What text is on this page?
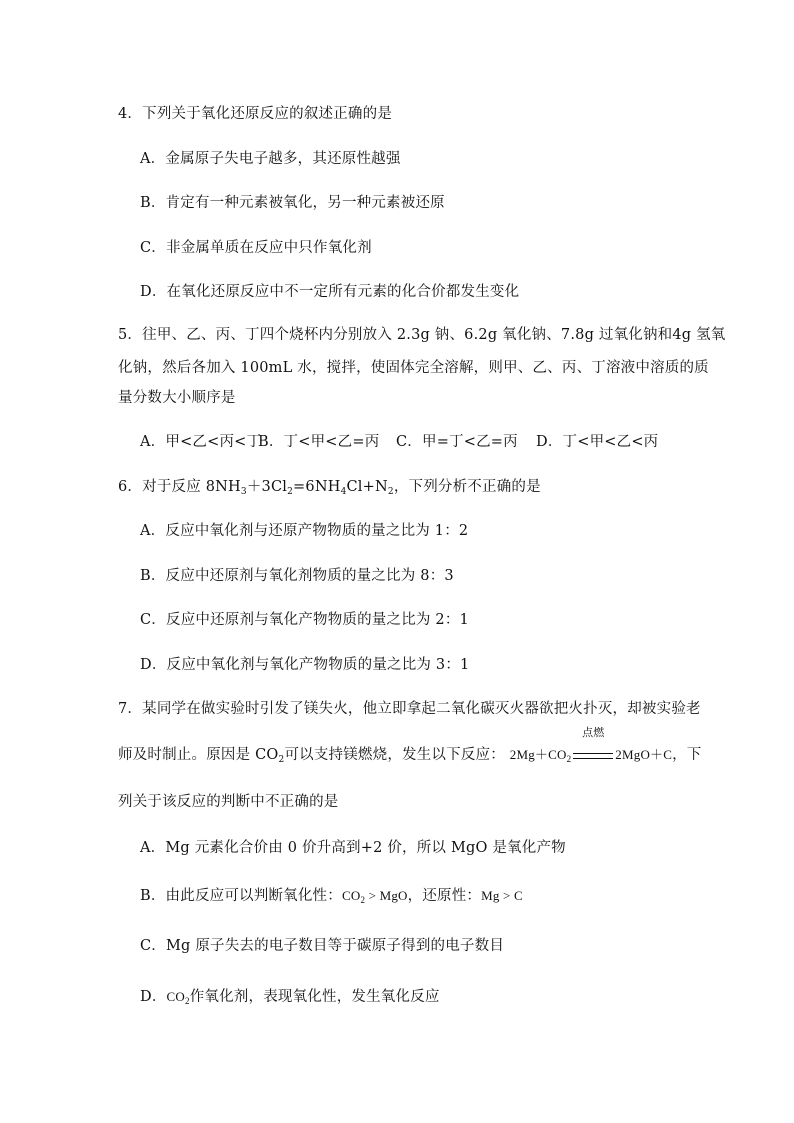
4．下列关于氧化还原反应的叙述正确的是
A．金属原子失电子越多，其还原性越强
B．肯定有一种元素被氧化，另一种元素被还原
C．非金属单质在反应中只作氧化剂
D．在氧化还原反应中不一定所有元素的化合价都发生变化
5．往甲、乙、丙、丁四个烧杯内分别放入 2.3g 钠、6.2g 氧化钠、7.8g 过氧化钠和4g 氢氧
化钠，然后各加入 100mL 水，搅拌，使固体完全溶解，则甲、乙、丙、丁溶液中溶质的质
量分数大小顺序是
A．甲<乙<丙<丁B．丁<甲<乙=丙 C．甲=丁<乙=丙 D．丁<甲<乙<丙
6．对于反应 $8NH_3+3Cl_2=6NH_4Cl+N_2$，下列分析不正确的是
A．反应中氧化剂与还原产物物质的量之比为 1：2
B．反应中还原剂与氧化剂物质的量之比为 8：3
C．反应中还原剂与氧化产物物质的量之比为 2：1
D．反应中氧化剂与氧化产物物质的量之比为 3：1
7．某同学在做实验时引发了镁失火，他立即拿起二氧化碳灭火器欲把火扑灭，却被实验老
师及时制止。原因是 $CO_2$可以支持镁燃烧，发生以下反应： $2Mg+CO_2$
点燃
2MgO＋C，下
列关于该反应的判断中不正确的是
A．Mg 元素化合价由 0 价升高到+2 价，所以 MgO 是氧化产物
B．由此反应可以判断氧化性：$CO_2$ > MgO，还原性：Mg > C
C．Mg 原子失去的电子数目等于碳原子得到的电子数目
D．$CO_2$作氧化剂，表现氧化性，发生氧化反应
